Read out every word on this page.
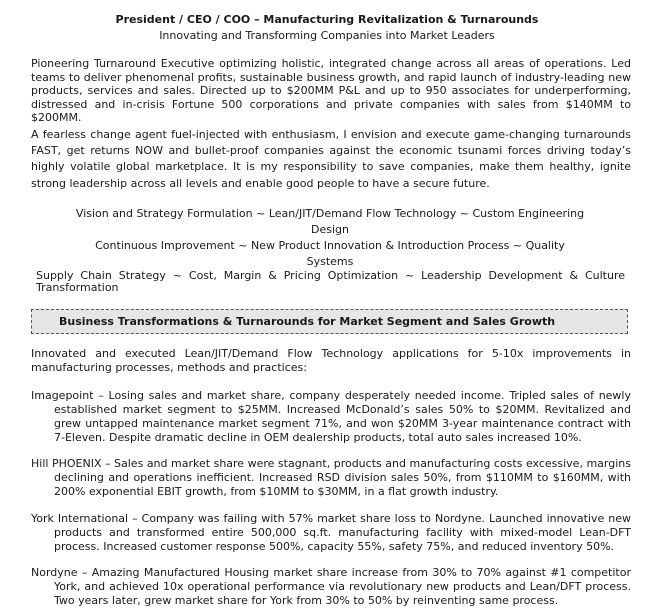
President / CEO / COO – Manufacturing Revitalization & Turnarounds
Innovating and Transforming Companies into Market Leaders

Pioneering Turnaround Executive optimizing holistic, integrated change across all areas of operations. Led teams to deliver phenomenal profits, sustainable business growth, and rapid launch of industry-leading new products, services and sales. Directed up to $200MM P&L and up to 950 associates for underperforming, distressed and in-crisis Fortune 500 corporations and private companies with sales from $140MM to $200MM.

A fearless change agent fuel-injected with enthusiasm, I envision and execute game-changing turnarounds FAST, get returns NOW and bullet-proof companies against the economic tsunami forces driving today’s highly volatile global marketplace. It is my responsibility to save companies, make them healthy, ignite strong leadership across all levels and enable good people to have a secure future.

Vision and Strategy Formulation ~ Lean/JIT/Demand Flow Technology ~ Custom Engineering Design
Continuous Improvement ~ New Product Innovation & Introduction Process ~ Quality Systems

Supply Chain Strategy ~ Cost, Margin & Pricing Optimization ~ Leadership Development & Culture Transformation

Business Transformations & Turnarounds for Market Segment and Sales Growth

Innovated and executed Lean/JIT/Demand Flow Technology applications for 5-10x improvements in manufacturing processes, methods and practices:

Imagepoint – Losing sales and market share, company desperately needed income. Tripled sales of newly established market segment to $25MM. Increased McDonald’s sales 50% to $20MM. Revitalized and grew untapped maintenance market segment 71%, and won $20MM 3-year maintenance contract with 7-Eleven. Despite dramatic decline in OEM dealership products, total auto sales increased 10%.

Hill PHOENIX – Sales and market share were stagnant, products and manufacturing costs excessive, margins declining and operations inefficient. Increased RSD division sales 50%, from $110MM to $160MM, with 200% exponential EBIT growth, from $10MM to $30MM, in a flat growth industry.

York International – Company was failing with 57% market share loss to Nordyne. Launched innovative new products and transformed entire 500,000 sq.ft. manufacturing facility with mixed-model Lean-DFT process. Increased customer response 500%, capacity 55%, safety 75%, and reduced inventory 50%.

Nordyne – Amazing Manufactured Housing market share increase from 30% to 70% against #1 competitor York, and achieved 10x operational performance via revolutionary new products and Lean/DFT process. Two years later, grew market share for York from 30% to 50% by reinventing same process.
